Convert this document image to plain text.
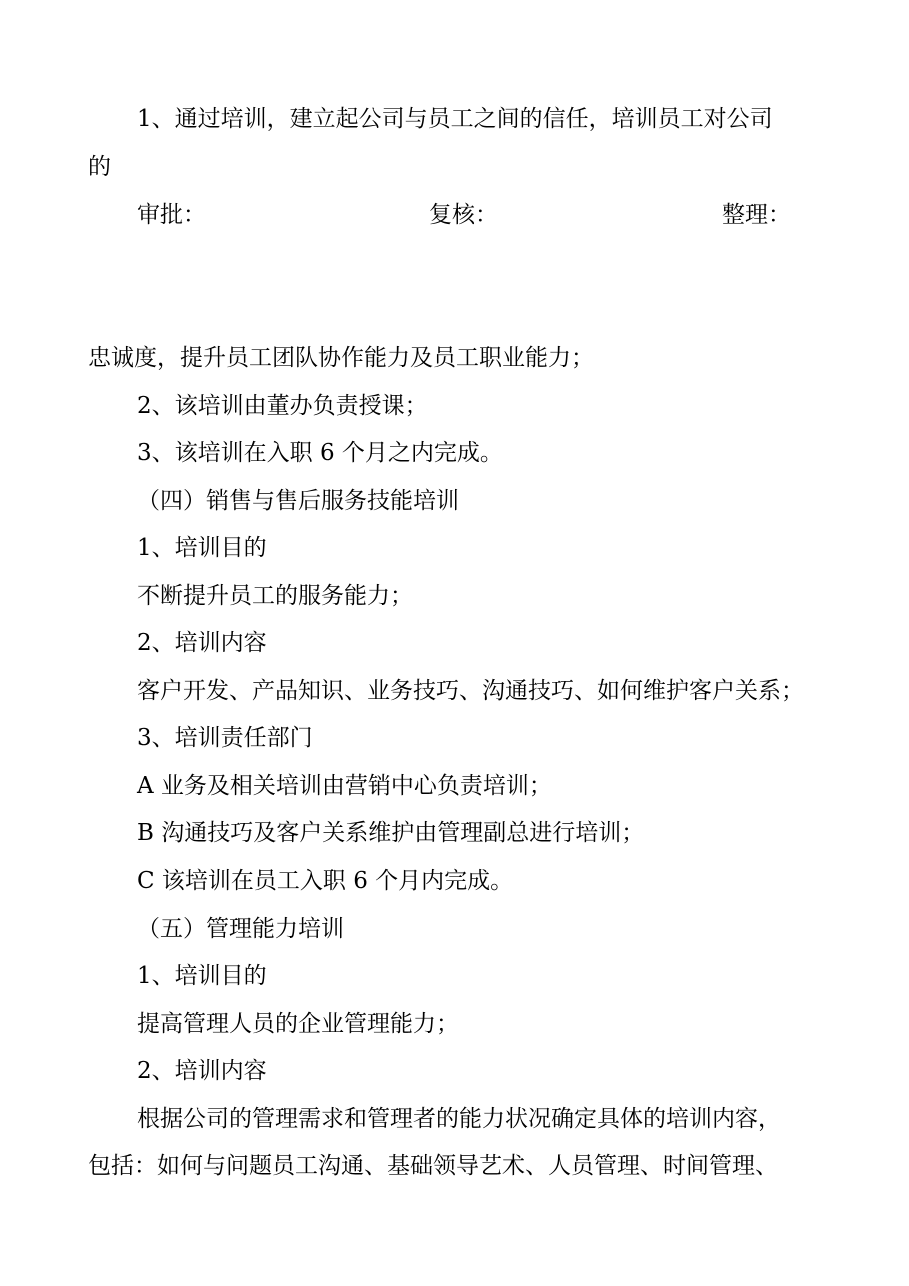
1、通过培训，建立起公司与员工之间的信任，培训员工对公司
的
审批：	复核：	整理：
忠诚度，提升员工团队协作能力及员工职业能力；
2、该培训由董办负责授课；
3、该培训在入职 6 个月之内完成。
（四）销售与售后服务技能培训
1、培训目的
不断提升员工的服务能力；
2、培训内容
客户开发、产品知识、业务技巧、沟通技巧、如何维护客户关系；
3、培训责任部门
A 业务及相关培训由营销中心负责培训；
B 沟通技巧及客户关系维护由管理副总进行培训；
C 该培训在员工入职 6 个月内完成。
（五）管理能力培训
1、培训目的
提高管理人员的企业管理能力；
2、培训内容
根据公司的管理需求和管理者的能力状况确定具体的培训内容，
包括：如何与问题员工沟通、基础领导艺术、人员管理、时间管理、
